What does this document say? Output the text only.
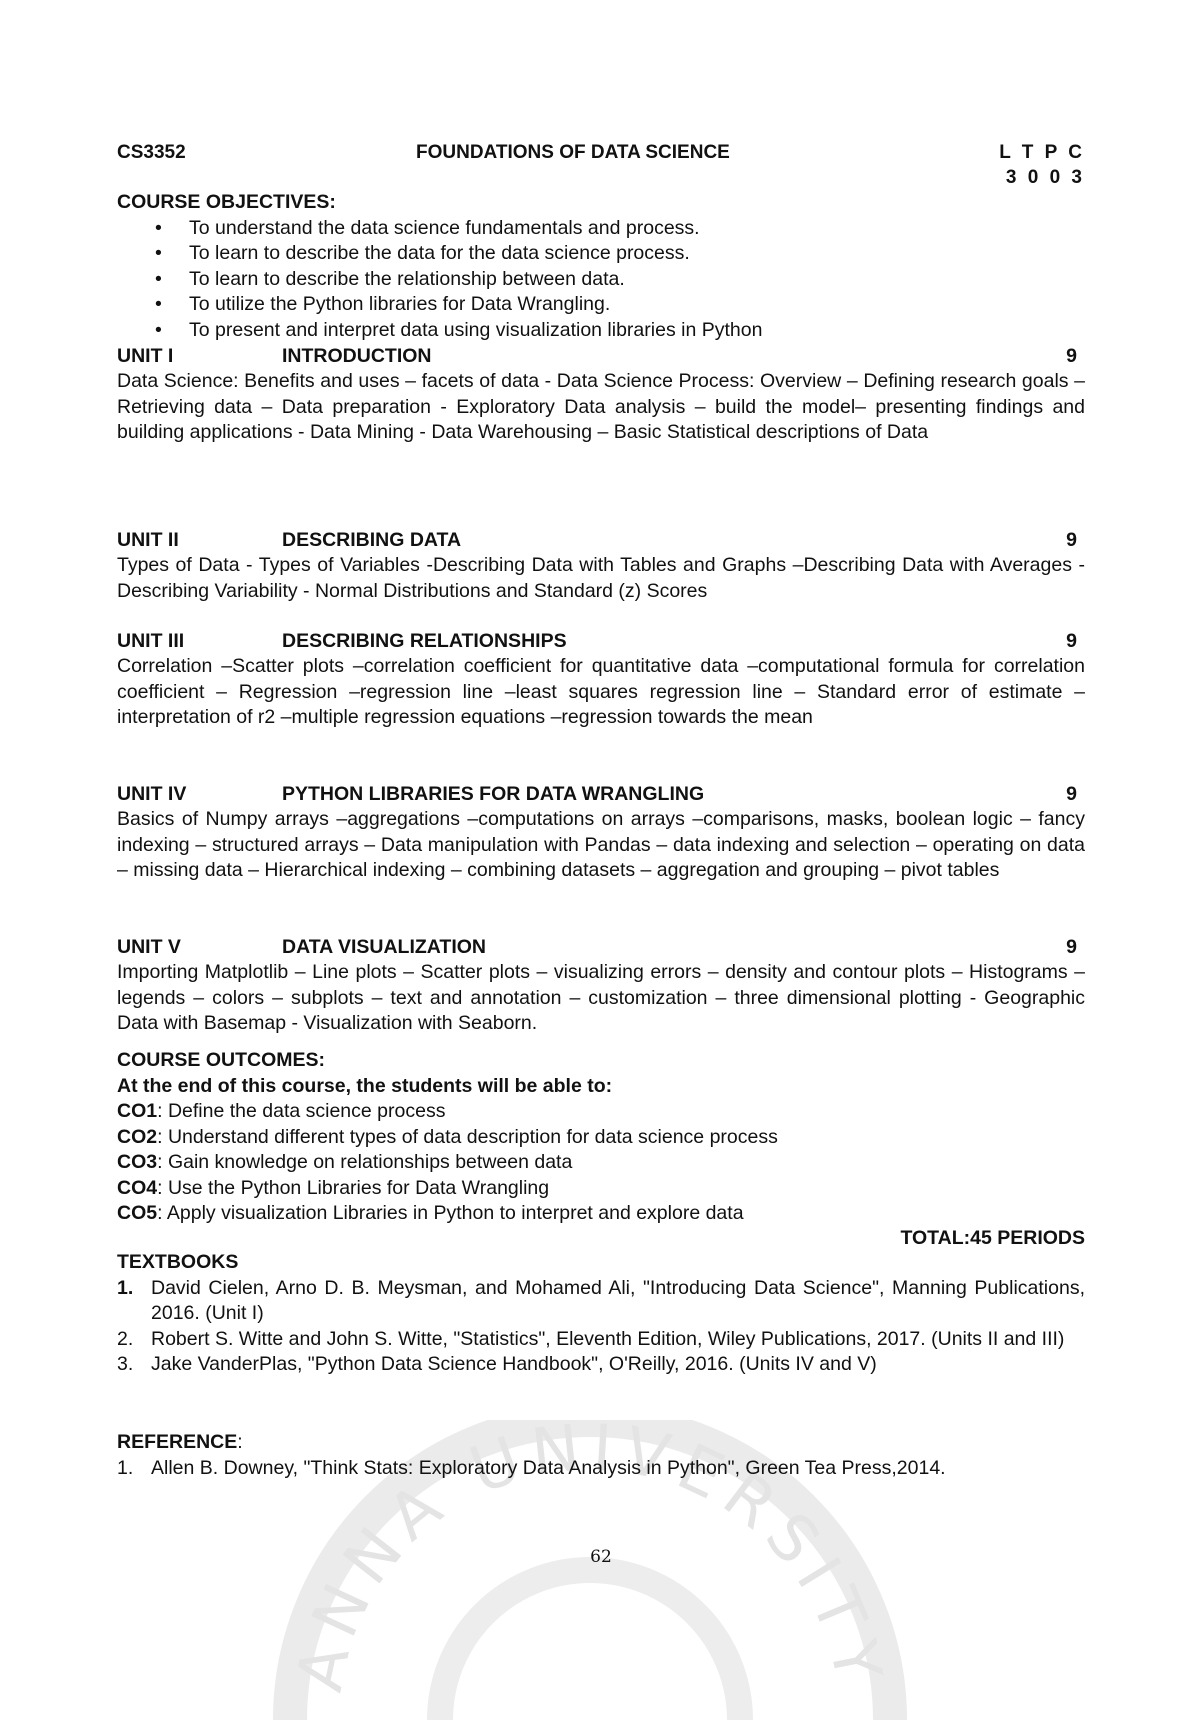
ANNA UNIVERSITY
CS3352	FOUNDATIONS OF DATA SCIENCE	L T P C
3 0 0 3
COURSE OBJECTIVES:
• To understand the data science fundamentals and process.
• To learn to describe the data for the data science process.
• To learn to describe the relationship between data.
• To utilize the Python libraries for Data Wrangling.
• To present and interpret data using visualization libraries in Python
UNIT I	INTRODUCTION	9
Data Science: Benefits and uses – facets of data - Data Science Process: Overview – Defining research goals – Retrieving data – Data preparation - Exploratory Data analysis – build the model– presenting findings and building applications - Data Mining - Data Warehousing – Basic Statistical descriptions of Data
UNIT II	DESCRIBING DATA	9
Types of Data - Types of Variables -Describing Data with Tables and Graphs –Describing Data with Averages - Describing Variability - Normal Distributions and Standard (z) Scores
UNIT III	DESCRIBING RELATIONSHIPS	9
Correlation –Scatter plots –correlation coefficient for quantitative data –computational formula for correlation coefficient – Regression –regression line –least squares regression line – Standard error of estimate – interpretation of r2 –multiple regression equations –regression towards the mean
UNIT IV	PYTHON LIBRARIES FOR DATA WRANGLING	9
Basics of Numpy arrays –aggregations –computations on arrays –comparisons, masks, boolean logic – fancy indexing – structured arrays – Data manipulation with Pandas – data indexing and selection – operating on data – missing data – Hierarchical indexing – combining datasets – aggregation and grouping – pivot tables
UNIT V	DATA VISUALIZATION	9
Importing Matplotlib – Line plots – Scatter plots – visualizing errors – density and contour plots – Histograms – legends – colors – subplots – text and annotation – customization – three dimensional plotting - Geographic Data with Basemap - Visualization with Seaborn.
COURSE OUTCOMES:
At the end of this course, the students will be able to:
CO1: Define the data science process
CO2: Understand different types of data description for data science process
CO3: Gain knowledge on relationships between data
CO4: Use the Python Libraries for Data Wrangling
CO5: Apply visualization Libraries in Python to interpret and explore data
TOTAL:45 PERIODS
TEXTBOOKS
1. David Cielen, Arno D. B. Meysman, and Mohamed Ali, "Introducing Data Science", Manning Publications, 2016. (Unit I)
2. Robert S. Witte and John S. Witte, "Statistics", Eleventh Edition, Wiley Publications, 2017. (Units II and III)
3. Jake VanderPlas, "Python Data Science Handbook", O'Reilly, 2016. (Units IV and V)
REFERENCE:
1. Allen B. Downey, "Think Stats: Exploratory Data Analysis in Python", Green Tea Press,2014.
62
